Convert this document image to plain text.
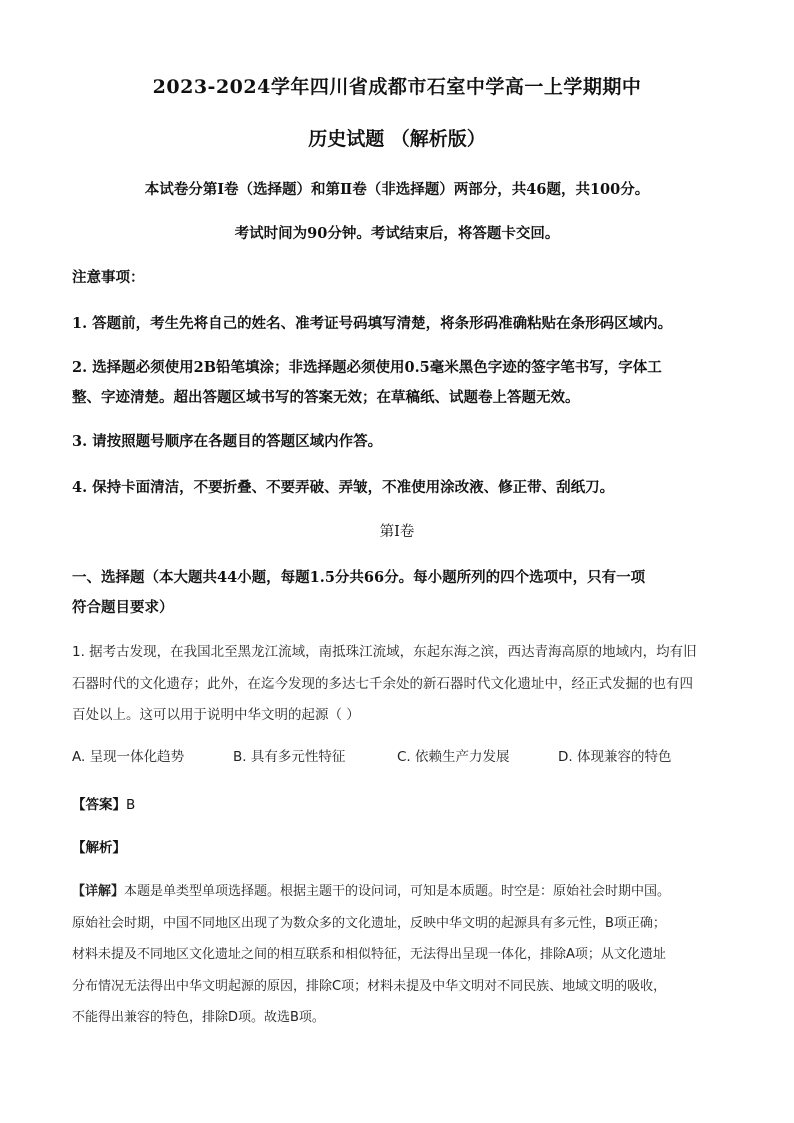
2023-2024学年四川省成都市石室中学高一上学期期中
历史试题 （解析版）
本试卷分第Ⅰ卷（选择题）和第Ⅱ卷（非选择题）两部分，共46题，共100分。
考试时间为90分钟。考试结束后，将答题卡交回。
注意事项：
1. 答题前，考生先将自己的姓名、准考证号码填写清楚，将条形码准确粘贴在条形码区域内。
2. 选择题必须使用2B铅笔填涂；非选择题必须使用0.5毫米黑色字迹的签字笔书写，字体工
整、字迹清楚。超出答题区域书写的答案无效；在草稿纸、试题卷上答题无效。
3. 请按照题号顺序在各题目的答题区域内作答。
4. 保持卡面清洁，不要折叠、不要弄破、弄皱，不准使用涂改液、修正带、刮纸刀。
第Ⅰ卷
一、选择题（本大题共44小题，每题1.5分共66分。每小题所列的四个选项中，只有一项
符合题目要求）
1. 据考古发现，在我国北至黑龙江流域，南抵珠江流域，东起东海之滨，西达青海高原的地域内，均有旧
石器时代的文化遗存；此外，在迄今发现的多达七千余处的新石器时代文化遗址中，经正式发掘的也有四
百处以上。这可以用于说明中华文明的起源（ ）
A. 呈现一体化趋势	B. 具有多元性特征	C. 依赖生产力发展	D. 体现兼容的特色
【答案】B
【解析】
【详解】本题是单类型单项选择题。根据主题干的设问词，可知是本质题。时空是：原始社会时期中国。
原始社会时期，中国不同地区出现了为数众多的文化遗址，反映中华文明的起源具有多元性，B项正确；
材料未提及不同地区文化遗址之间的相互联系和相似特征，无法得出呈现一体化，排除A项；从文化遗址
分布情况无法得出中华文明起源的原因，排除C项；材料未提及中华文明对不同民族、地域文明的吸收，
不能得出兼容的特色，排除D项。故选B项。
